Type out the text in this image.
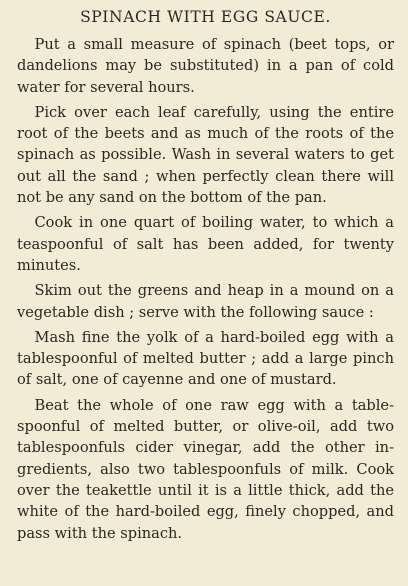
SPINACH WITH EGG SAUCE.

Put a small measure of spinach (beet tops, or dandelions may be substituted) in a pan of cold water for several hours.

Pick over each leaf carefully, using the entire root of the beets and as much of the roots of the spinach as possible. Wash in several waters to get out all the sand ; when perfectly clean there will not be any sand on the bottom of the pan.

Cook in one quart of boiling water, to which a teaspoonful of salt has been added, for twenty minutes.

Skim out the greens and heap in a mound on a vegetable dish ; serve with the following sauce :

Mash fine the yolk of a hard-boiled egg with a tablespoonful of melted butter ; add a large pinch of salt, one of cayenne and one of mustard.

Beat the whole of one raw egg with a tablespoonful of melted butter, or olive-oil, add two tablespoonfuls cider vinegar, add the other ingredients, also two tablespoonfuls of milk. Cook over the teakettle until it is a little thick, add the white of the hard-boiled egg, finely chopped, and pass with the spinach.
